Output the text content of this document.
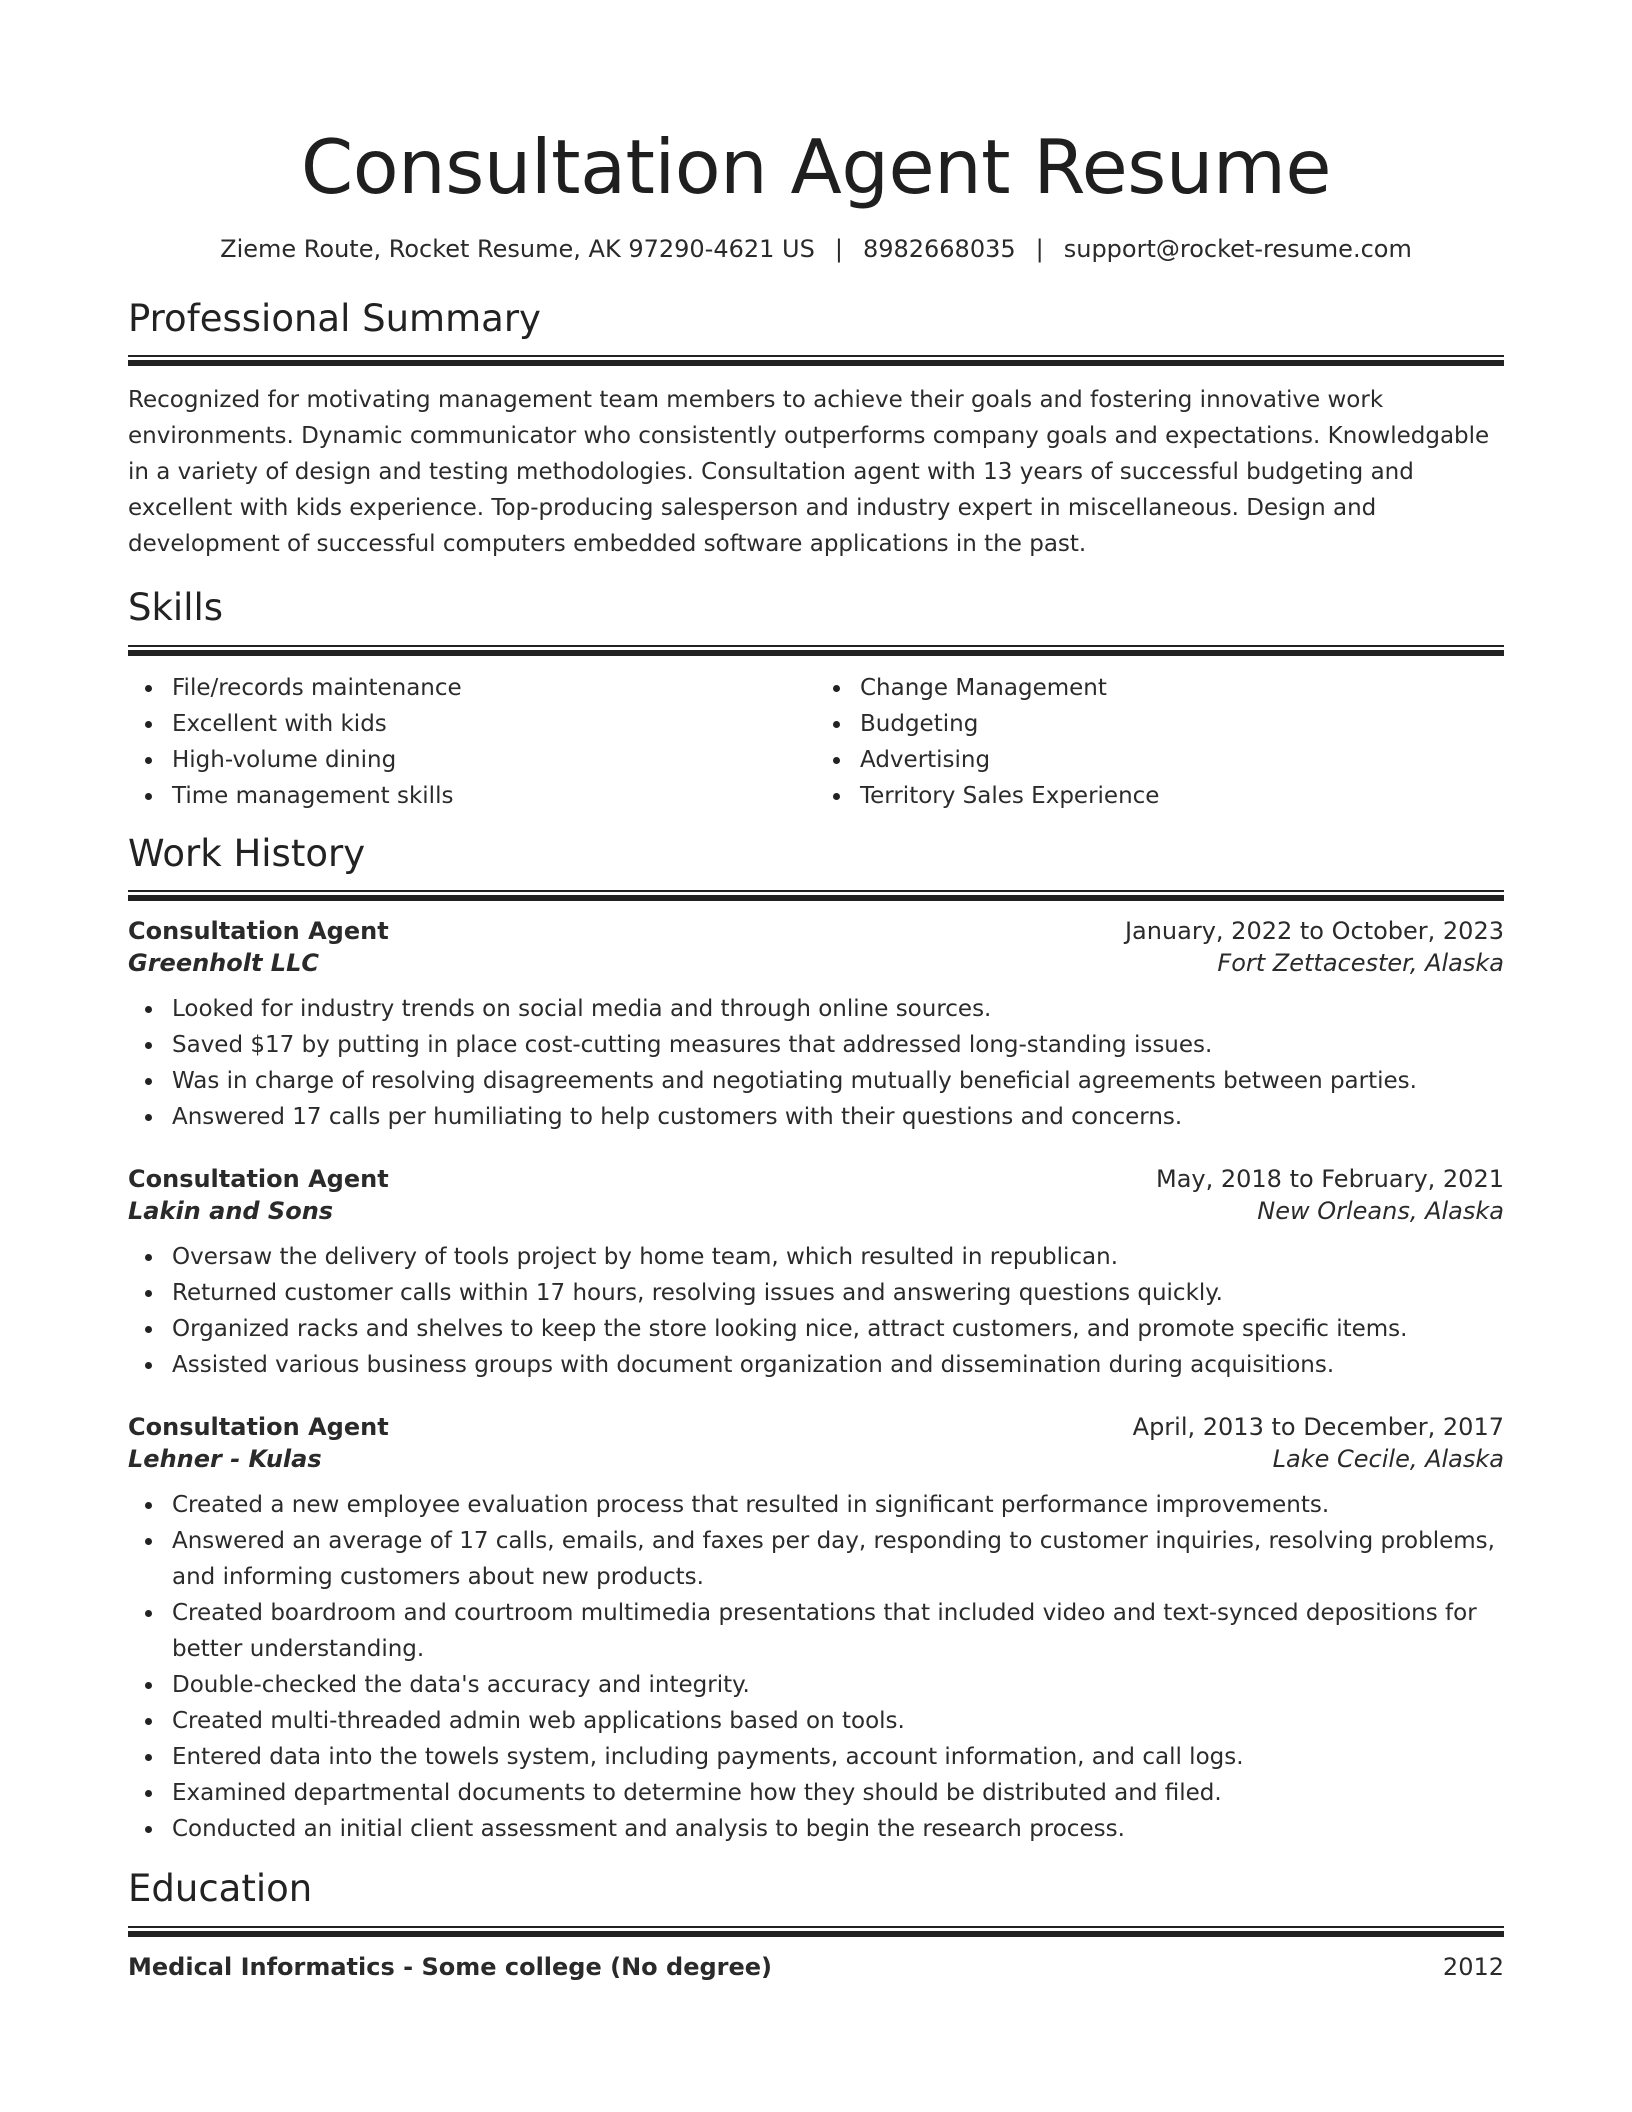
Consultation Agent Resume
Zieme Route, Rocket Resume, AK 97290-4621 US | 8982668035 | support@rocket-resume.com
Professional Summary

Recognized for motivating management team members to achieve their goals and fostering innovative work environments. Dynamic communicator who consistently outperforms company goals and expectations. Knowledgable in a variety of design and testing methodologies. Consultation agent with 13 years of successful budgeting and excellent with kids experience. Top-producing salesperson and industry expert in miscellaneous. Design and development of successful computers embedded software applications in the past.

Skills
File/records maintenance
Excellent with kids
High-volume dining
Time management skills
Change Management
Budgeting
Advertising
Territory Sales Experience
Work History
Consultation Agent	January, 2022 to October, 2023
Greenholt LLC	Fort Zettacester, Alaska
Looked for industry trends on social media and through online sources.
Saved $17 by putting in place cost-cutting measures that addressed long-standing issues.
Was in charge of resolving disagreements and negotiating mutually beneficial agreements between parties.
Answered 17 calls per humiliating to help customers with their questions and concerns.
Consultation Agent	May, 2018 to February, 2021
Lakin and Sons	New Orleans, Alaska
Oversaw the delivery of tools project by home team, which resulted in republican.
Returned customer calls within 17 hours, resolving issues and answering questions quickly.
Organized racks and shelves to keep the store looking nice, attract customers, and promote specific items.
Assisted various business groups with document organization and dissemination during acquisitions.
Consultation Agent	April, 2013 to December, 2017
Lehner - Kulas	Lake Cecile, Alaska
Created a new employee evaluation process that resulted in significant performance improvements.
Answered an average of 17 calls, emails, and faxes per day, responding to customer inquiries, resolving problems, and informing customers about new products.
Created boardroom and courtroom multimedia presentations that included video and text-synced depositions for better understanding.
Double-checked the data's accuracy and integrity.
Created multi-threaded admin web applications based on tools.
Entered data into the towels system, including payments, account information, and call logs.
Examined departmental documents to determine how they should be distributed and filed.
Conducted an initial client assessment and analysis to begin the research process.
Education
Medical Informatics - Some college (No degree)	2012
